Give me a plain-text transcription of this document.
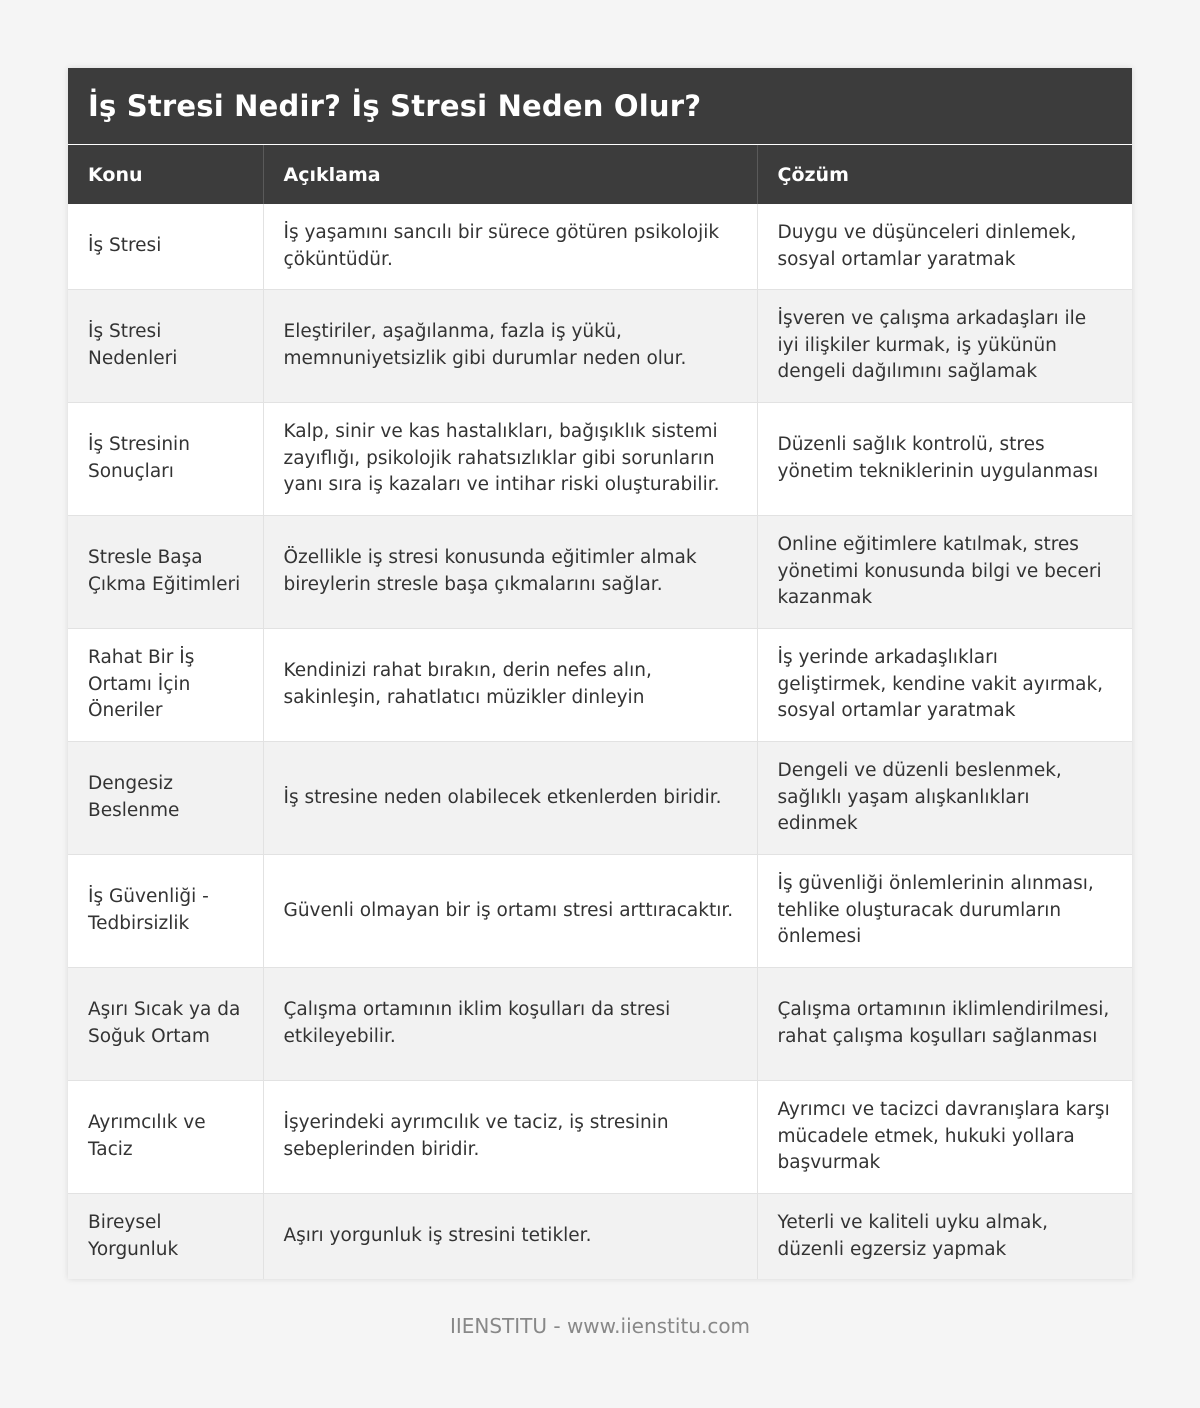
İş Stresi Nedir? İş Stresi Neden Olur?
Konu	Açıklama	Çözüm
İş Stresi	İş yaşamını sancılı bir sürece götüren psikolojik çöküntüdür.	Duygu ve düşünceleri dinlemek, sosyal ortamlar yaratmak
İş Stresi Nedenleri	Eleştiriler, aşağılanma, fazla iş yükü, memnuniyetsizlik gibi durumlar neden olur.	İşveren ve çalışma arkadaşları ile iyi ilişkiler kurmak, iş yükünün dengeli dağılımını sağlamak
İş Stresinin Sonuçları	Kalp, sinir ve kas hastalıkları, bağışıklık sistemi zayıflığı, psikolojik rahatsızlıklar gibi sorunların yanı sıra iş kazaları ve intihar riski oluşturabilir.	Düzenli sağlık kontrolü, stres yönetim tekniklerinin uygulanması
Stresle Başa Çıkma Eğitimleri	Özellikle iş stresi konusunda eğitimler almak bireylerin stresle başa çıkmalarını sağlar.	Online eğitimlere katılmak, stres yönetimi konusunda bilgi ve beceri kazanmak
Rahat Bir İş Ortamı İçin Öneriler	Kendinizi rahat bırakın, derin nefes alın, sakinleşin, rahatlatıcı müzikler dinleyin	İş yerinde arkadaşlıkları geliştirmek, kendine vakit ayırmak, sosyal ortamlar yaratmak
Dengesiz Beslenme	İş stresine neden olabilecek etkenlerden biridir.	Dengeli ve düzenli beslenmek, sağlıklı yaşam alışkanlıkları edinmek
İş Güvenliği - Tedbirsizlik	Güvenli olmayan bir iş ortamı stresi arttıracaktır.	İş güvenliği önlemlerinin alınması, tehlike oluşturacak durumların önlemesi
Aşırı Sıcak ya da Soğuk Ortam	Çalışma ortamının iklim koşulları da stresi etkileyebilir.	Çalışma ortamının iklimlendirilmesi, rahat çalışma koşulları sağlanması
Ayrımcılık ve Taciz	İşyerindeki ayrımcılık ve taciz, iş stresinin sebeplerinden biridir.	Ayrımcı ve tacizci davranışlara karşı mücadele etmek, hukuki yollara başvurmak
Bireysel Yorgunluk	Aşırı yorgunluk iş stresini tetikler.	Yeterli ve kaliteli uyku almak, düzenli egzersiz yapmak
IIENSTITU - www.iienstitu.com
